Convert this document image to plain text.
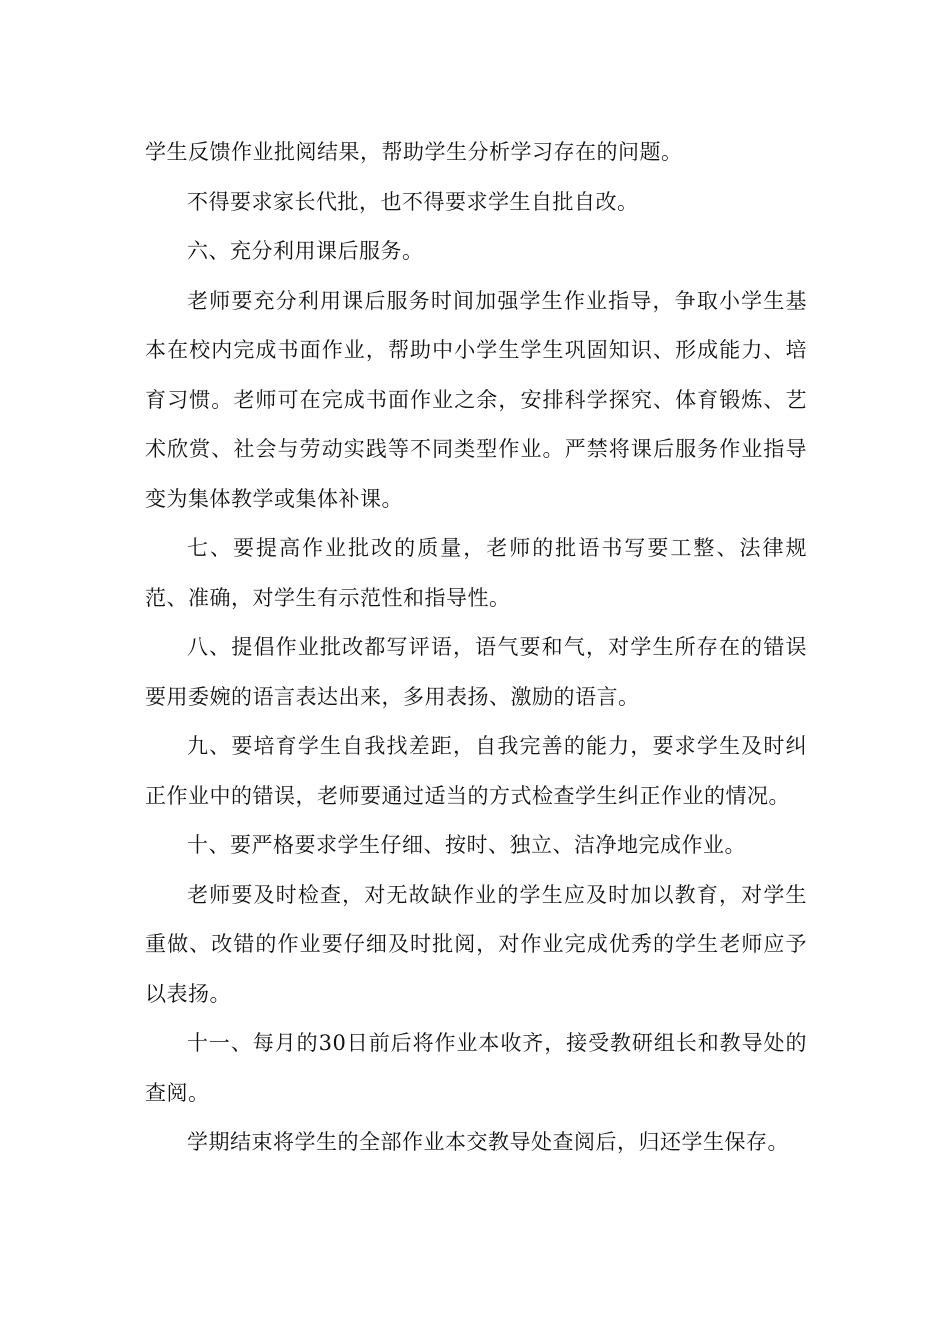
学生反馈作业批阅结果，帮助学生分析学习存在的问题。

不得要求家长代批，也不得要求学生自批自改。

六、充分利用课后服务。

老师要充分利用课后服务时间加强学生作业指导，争取小学生基本在校内完成书面作业，帮助中小学生学生巩固知识、形成能力、培育习惯。老师可在完成书面作业之余，安排科学探究、体育锻炼、艺术欣赏、社会与劳动实践等不同类型作业。严禁将课后服务作业指导变为集体教学或集体补课。

七、要提高作业批改的质量，老师的批语书写要工整、法律规范、准确，对学生有示范性和指导性。

八、提倡作业批改都写评语，语气要和气，对学生所存在的错误要用委婉的语言表达出来，多用表扬、激励的语言。

九、要培育学生自我找差距，自我完善的能力，要求学生及时纠正作业中的错误，老师要通过适当的方式检查学生纠正作业的情况。

十、要严格要求学生仔细、按时、独立、洁净地完成作业。

老师要及时检查，对无故缺作业的学生应及时加以教育，对学生重做、改错的作业要仔细及时批阅，对作业完成优秀的学生老师应予以表扬。

十一、每月的30日前后将作业本收齐，接受教研组长和教导处的查阅。

学期结束将学生的全部作业本交教导处查阅后，归还学生保存。
